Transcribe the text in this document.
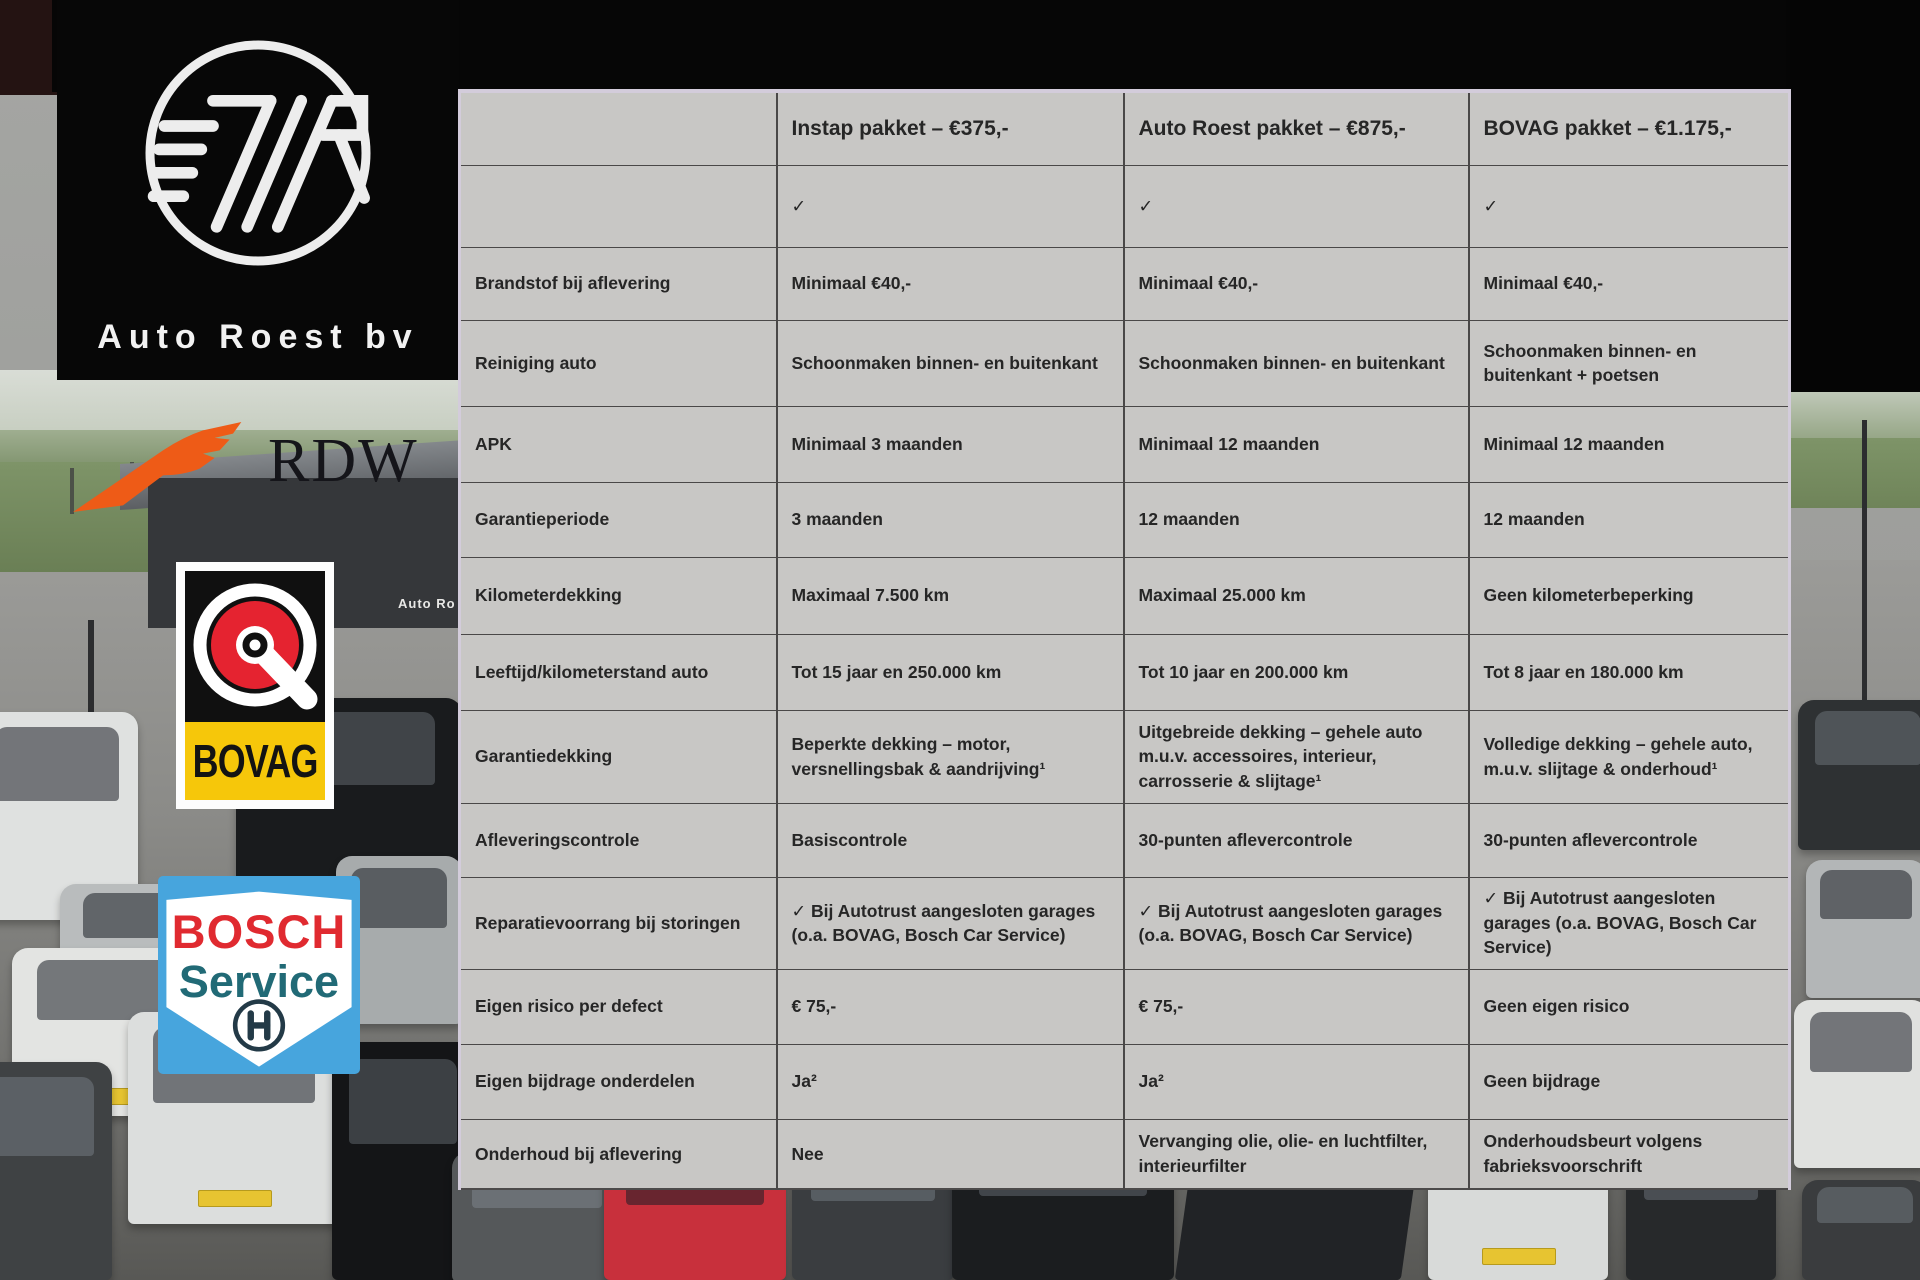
Auto Ro
Auto Roest bv
RDW
BOVAG
BOSCH
Service
	Instap pakket – €375,-	Auto Roest pakket – €875,-	BOVAG pakket – €1.175,-
	✓	✓	✓
Brandstof bij aflevering	Minimaal €40,-	Minimaal €40,-	Minimaal €40,-
Reiniging auto	Schoonmaken binnen- en buitenkant	Schoonmaken binnen- en buitenkant	Schoonmaken binnen- en buitenkant + poetsen
APK	Minimaal 3 maanden	Minimaal 12 maanden	Minimaal 12 maanden
Garantieperiode	3 maanden	12 maanden	12 maanden
Kilometerdekking	Maximaal 7.500 km	Maximaal 25.000 km	Geen kilometerbeperking
Leeftijd/kilometerstand auto	Tot 15 jaar en 250.000 km	Tot 10 jaar en 200.000 km	Tot 8 jaar en 180.000 km
Garantiedekking	Beperkte dekking – motor, versnellingsbak & aandrijving¹	Uitgebreide dekking – gehele auto m.u.v. accessoires, interieur, carrosserie & slijtage¹	Volledige dekking – gehele auto, m.u.v. slijtage & onderhoud¹
Afleveringscontrole	Basiscontrole	30-punten aflevercontrole	30-punten aflevercontrole
Reparatievoorrang bij storingen	✓ Bij Autotrust aangesloten garages (o.a. BOVAG, Bosch Car Service)	✓ Bij Autotrust aangesloten garages (o.a. BOVAG, Bosch Car Service)	✓ Bij Autotrust aangesloten garages (o.a. BOVAG, Bosch Car Service)
Eigen risico per defect	€ 75,-	€ 75,-	Geen eigen risico
Eigen bijdrage onderdelen	Ja²	Ja²	Geen bijdrage
Onderhoud bij aflevering	Nee	Vervanging olie, olie- en luchtfilter, interieurfilter	Onderhoudsbeurt volgens fabrieksvoorschrift
